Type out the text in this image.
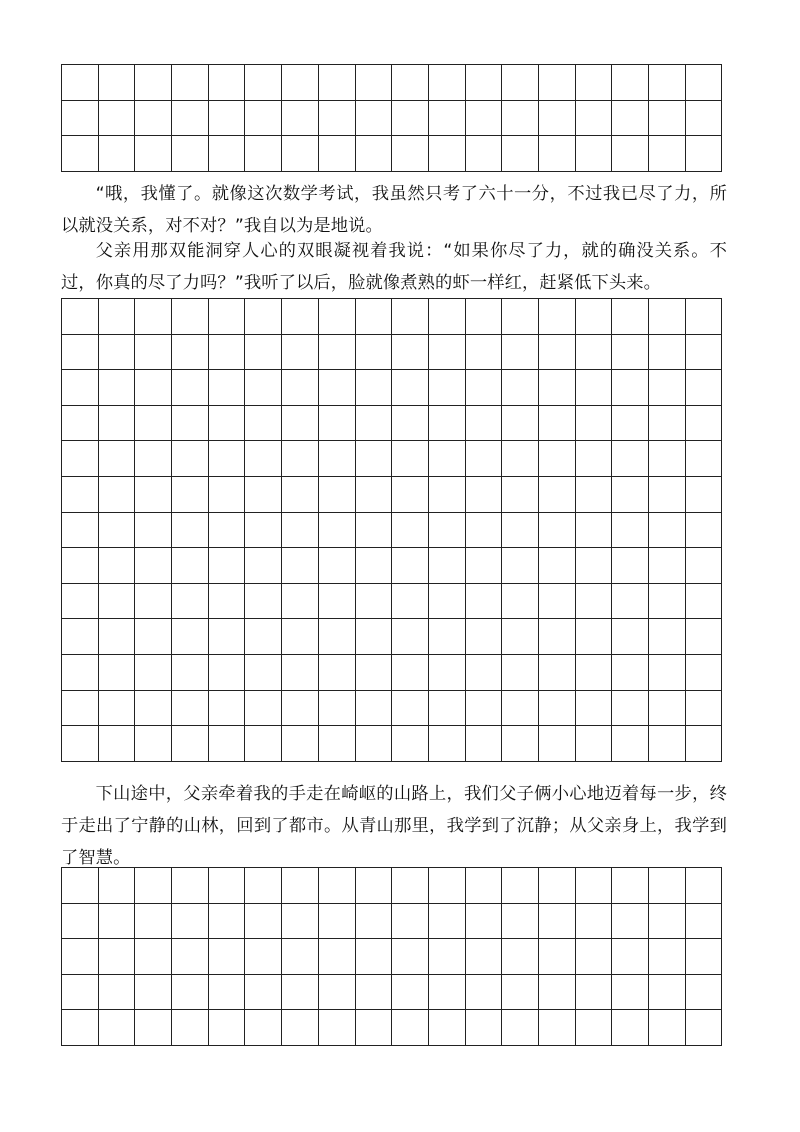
“哦，我懂了。就像这次数学考试，我虽然只考了六十一分，不过我已尽了力，所以就没关系，对不对？”我自以为是地说。

父亲用那双能洞穿人心的双眼凝视着我说：“如果你尽了力，就的确没关系。不过，你真的尽了力吗？”我听了以后，脸就像煮熟的虾一样红，赶紧低下头来。

下山途中，父亲牵着我的手走在崎岖的山路上，我们父子俩小心地迈着每一步，终于走出了宁静的山林，回到了都市。从青山那里，我学到了沉静；从父亲身上，我学到了智慧。
